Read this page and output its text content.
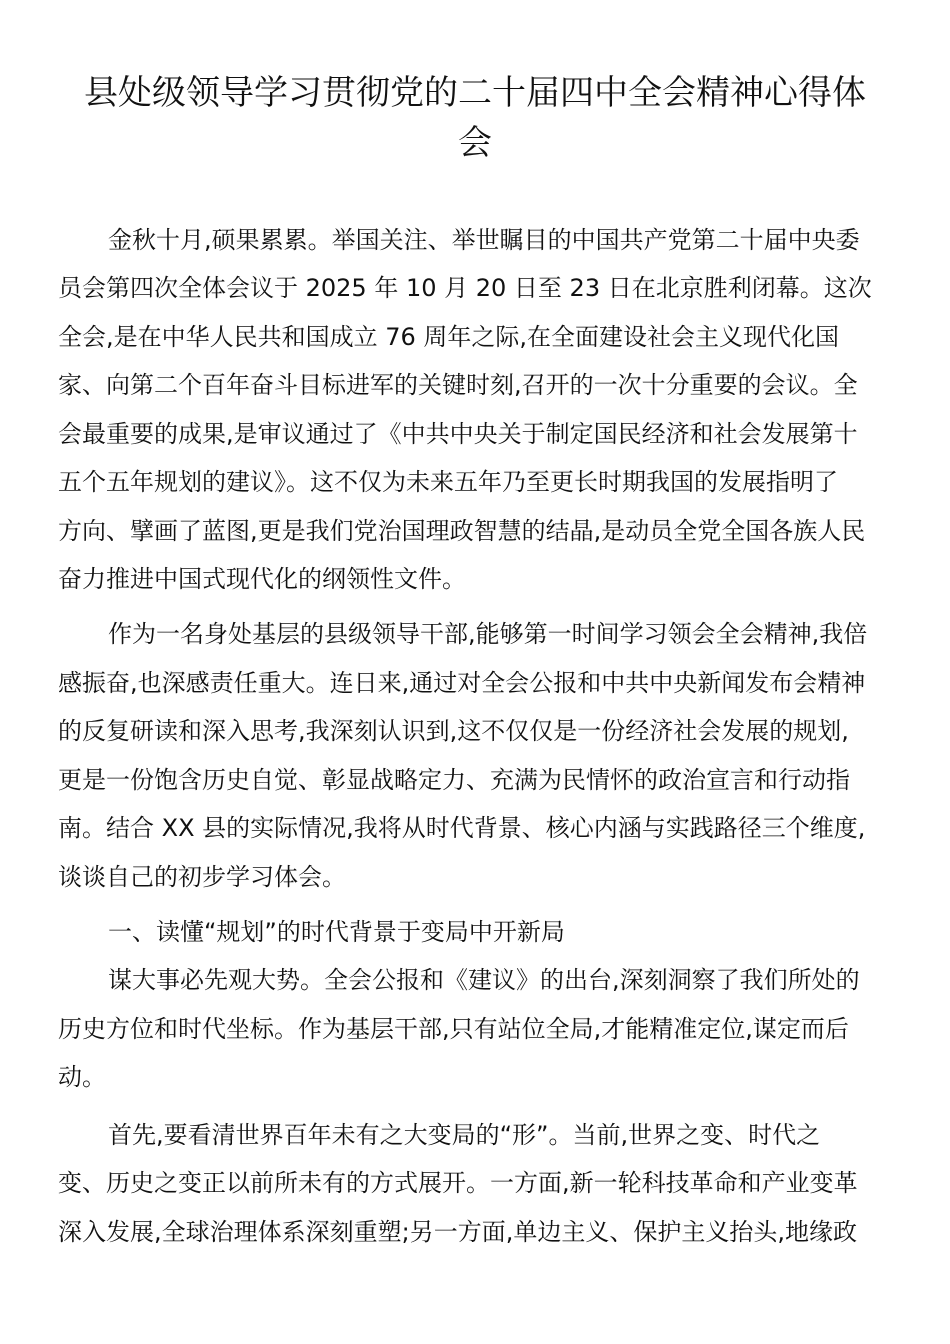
县处级领导学习贯彻党的二十届四中全会精神心得体
会
金秋十月,硕果累累。举国关注、举世瞩目的中国共产党第二十届中央委
员会第四次全体会议于 2025 年 10 月 20 日至 23 日在北京胜利闭幕。这次
全会,是在中华人民共和国成立 76 周年之际,在全面建设社会主义现代化国
家、向第二个百年奋斗目标进军的关键时刻,召开的一次十分重要的会议。全
会最重要的成果,是审议通过了《中共中央关于制定国民经济和社会发展第十
五个五年规划的建议》。这不仅为未来五年乃至更长时期我国的发展指明了
方向、擘画了蓝图,更是我们党治国理政智慧的结晶,是动员全党全国各族人民
奋力推进中国式现代化的纲领性文件。
作为一名身处基层的县级领导干部,能够第一时间学习领会全会精神,我倍
感振奋,也深感责任重大。连日来,通过对全会公报和中共中央新闻发布会精神
的反复研读和深入思考,我深刻认识到,这不仅仅是一份经济社会发展的规划,
更是一份饱含历史自觉、彰显战略定力、充满为民情怀的政治宣言和行动指
南。结合 XX 县的实际情况,我将从时代背景、核心内涵与实践路径三个维度,
谈谈自己的初步学习体会。
一、读懂“规划”的时代背景于变局中开新局
谋大事必先观大势。全会公报和《建议》的出台,深刻洞察了我们所处的
历史方位和时代坐标。作为基层干部,只有站位全局,才能精准定位,谋定而后
动。
首先,要看清世界百年未有之大变局的“形”。当前,世界之变、时代之
变、历史之变正以前所未有的方式展开。一方面,新一轮科技革命和产业变革
深入发展,全球治理体系深刻重塑;另一方面,单边主义、保护主义抬头,地缘政
